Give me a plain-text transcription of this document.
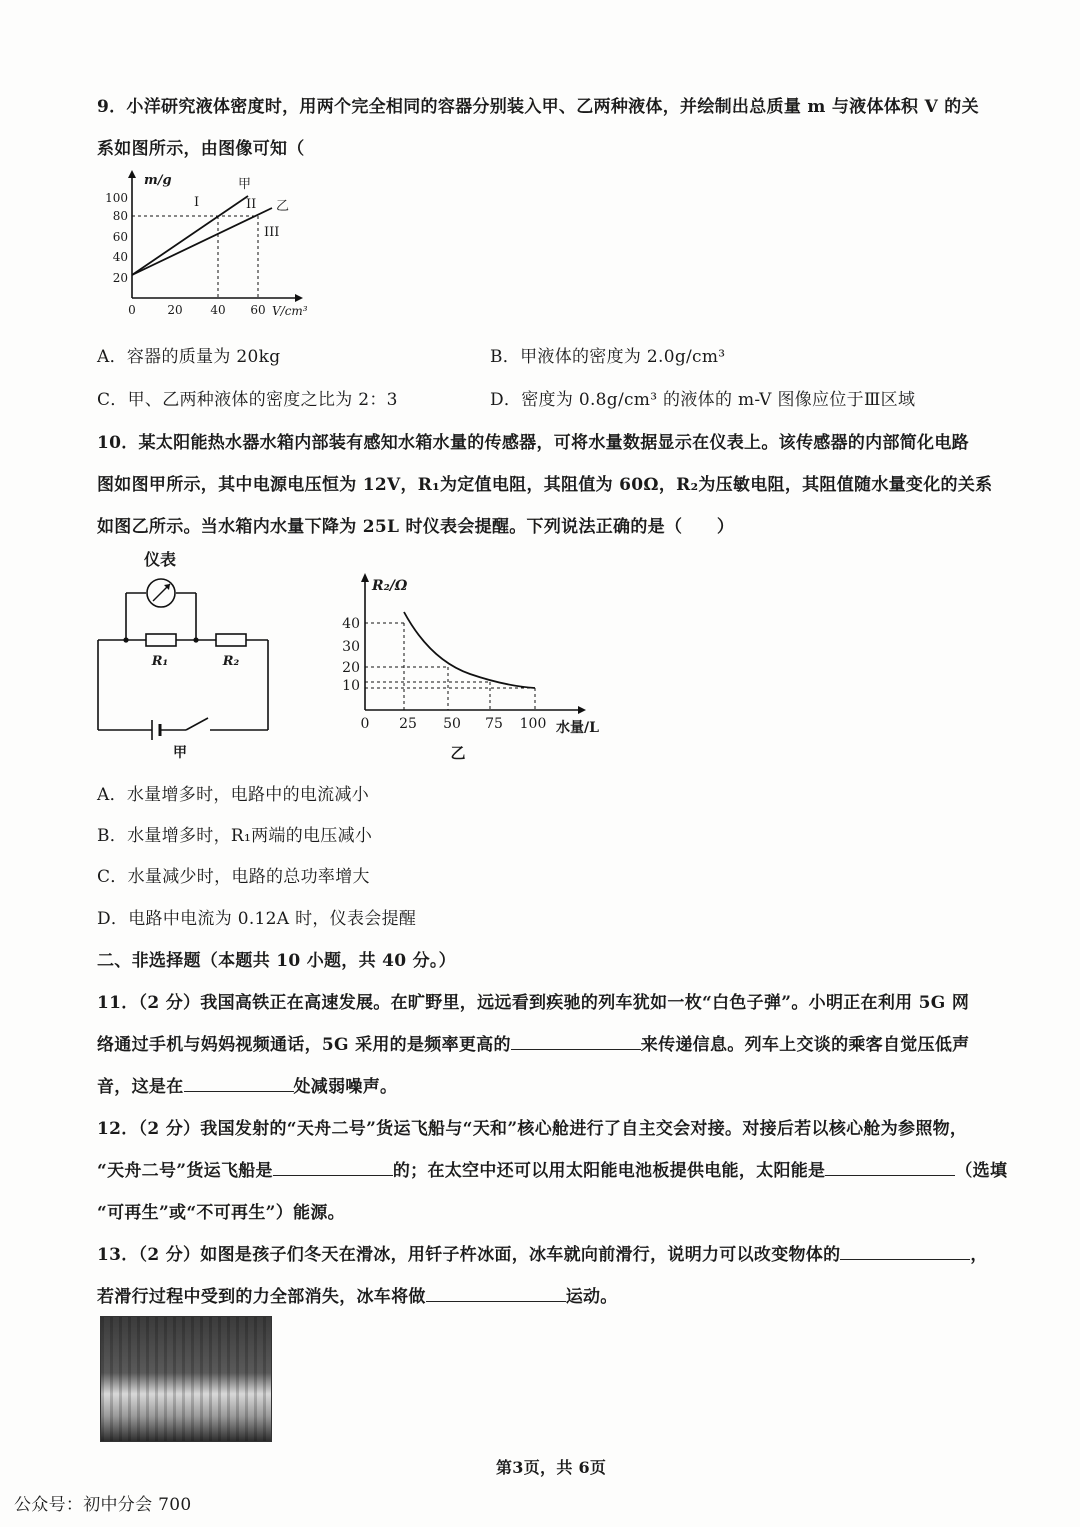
9．小洋研究液体密度时，用两个完全相同的容器分别装入甲、乙两种液体，并绘制出总质量 m 与液体体积 V 的关
系如图所示，由图像可知（
m/g
V/cm³
100
80
60
40
20
0	20 40 60
甲
乙
I	II
III
A．容器的质量为 20kg	B．甲液体的密度为 2.0g/cm³
C．甲、乙两种液体的密度之比为 2：3	D．密度为 0.8g/cm³ 的液体的 m-V 图像应位于Ⅲ区域
10．某太阳能热水器水箱内部装有感知水箱水量的传感器，可将水量数据显示在仪表上。该传感器的内部简化电路
图如图甲所示，其中电源电压恒为 12V，R₁为定值电阻，其阻值为 60Ω，R₂为压敏电阻，其阻值随水量变化的关系
如图乙所示。当水箱内水量下降为 25L 时仪表会提醒。下列说法正确的是（　　）
仪表
R₁	R₂
甲
R₂/Ω
水量/L
40
30
20
10
0 25 50 75 100
乙
A．水量增多时，电路中的电流减小
B．水量增多时，R₁两端的电压减小
C．水量减少时，电路的总功率增大
D．电路中电流为 0.12A 时，仪表会提醒
二、非选择题（本题共 10 小题，共 40 分。）
11．（2 分）我国高铁正在高速发展。在旷野里，远远看到疾驰的列车犹如一枚“白色子弹”。小明正在利用 5G 网
络通过手机与妈妈视频通话，5G 采用的是频率更高的	来传递信息。列车上交谈的乘客自觉压低声
音，这是在	处减弱噪声。
12．（2 分）我国发射的“天舟二号”货运飞船与“天和”核心舱进行了自主交会对接。对接后若以核心舱为参照物，
“天舟二号”货运飞船是	的；在太空中还可以用太阳能电池板提供电能，太阳能是	（选填
“可再生”或“不可再生”）能源。
13．（2 分）如图是孩子们冬天在滑冰，用钎子杵冰面，冰车就向前滑行，说明力可以改变物体的	，
若滑行过程中受到的力全部消失，冰车将做	运动。
第3页，共 6页
公众号：初中分会 700
